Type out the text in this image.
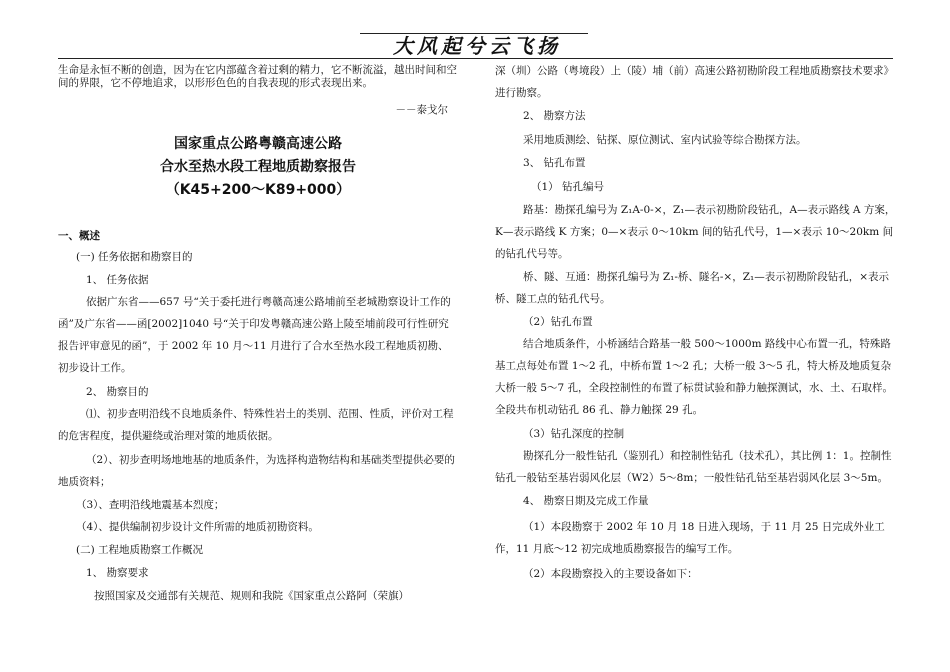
大风起兮云飞扬

生命是永恒不断的创造，因为在它内部蕴含着过剩的精力，它不断流溢，越出时间和空间的界限，它不停地追求，以形形色色的自我表现的形式表现出来。

－－泰戈尔

国家重点公路粤赣高速公路

合水至热水段工程地质勘察报告

（K45+200～K89+000）

一、概述

(一) 任务依据和勘察目的

1、 任务依据

依据广东省——657 号“关于委托进行粤赣高速公路埔前至老城勘察设计工作的函”及广东省——函[2002]1040 号“关于印发粤赣高速公路上陵至埔前段可行性研究报告评审意见的函”，于 2002 年 10 月～11 月进行了合水至热水段工程地质初勘、初步设计工作。

2、 勘察目的

⑴、初步查明沿线不良地质条件、特殊性岩土的类别、范围、性质，评价对工程的危害程度，提供避绕或治理对策的地质依据。

（2）、初步查明场地地基的地质条件，为选择构造物结构和基础类型提供必要的地质资料；

（3）、查明沿线地震基本烈度；

（4）、提供编制初步设计文件所需的地质初勘资料。

(二) 工程地质勘察工作概况

1、 勘察要求

按照国家及交通部有关规范、规则和我院《国家重点公路阿（荣旗）

深（圳）公路（粤境段）上（陵）埔（前）高速公路初勘阶段工程地质勘察技术要求》进行勘察。

2、 勘察方法

采用地质测绘、钻探、原位测试、室内试验等综合勘探方法。

3、 钻孔布置

（1） 钻孔编号

路基：勘探孔编号为 Z₁A-0-×，Z₁—表示初勘阶段钻孔，A—表示路线 A 方案，K—表示路线 K 方案；0—×表示 0～10km 间的钻孔代号，1—×表示 10～20km 间的钻孔代号等。

桥、隧、互通：勘探孔编号为 Z₁-桥、隧名-×，Z₁—表示初勘阶段钻孔，×表示桥、隧工点的钻孔代号。

（2）钻孔布置

结合地质条件，小桥涵结合路基一般 500～1000m 路线中心布置一孔，特殊路基工点每处布置 1～2 孔，中桥布置 1～2 孔；大桥一般 3～5 孔，特大桥及地质复杂大桥一般 5～7 孔，全段控制性的布置了标贯试验和静力触探测试，水、土、石取样。全段共布机动钻孔 86 孔、静力触探 29 孔。

（3）钻孔深度的控制

勘探孔分一般性钻孔（鉴别孔）和控制性钻孔（技术孔），其比例 1：1。控制性钻孔一般钻至基岩弱风化层（W2）5～8m；一般性钻孔钻至基岩弱风化层 3～5m。

4、 勘察日期及完成工作量

（1）本段勘察于 2002 年 10 月 18 日进入现场，于 11 月 25 日完成外业工作，11 月底～12 初完成地质勘察报告的编写工作。

（2）本段勘察投入的主要设备如下：
